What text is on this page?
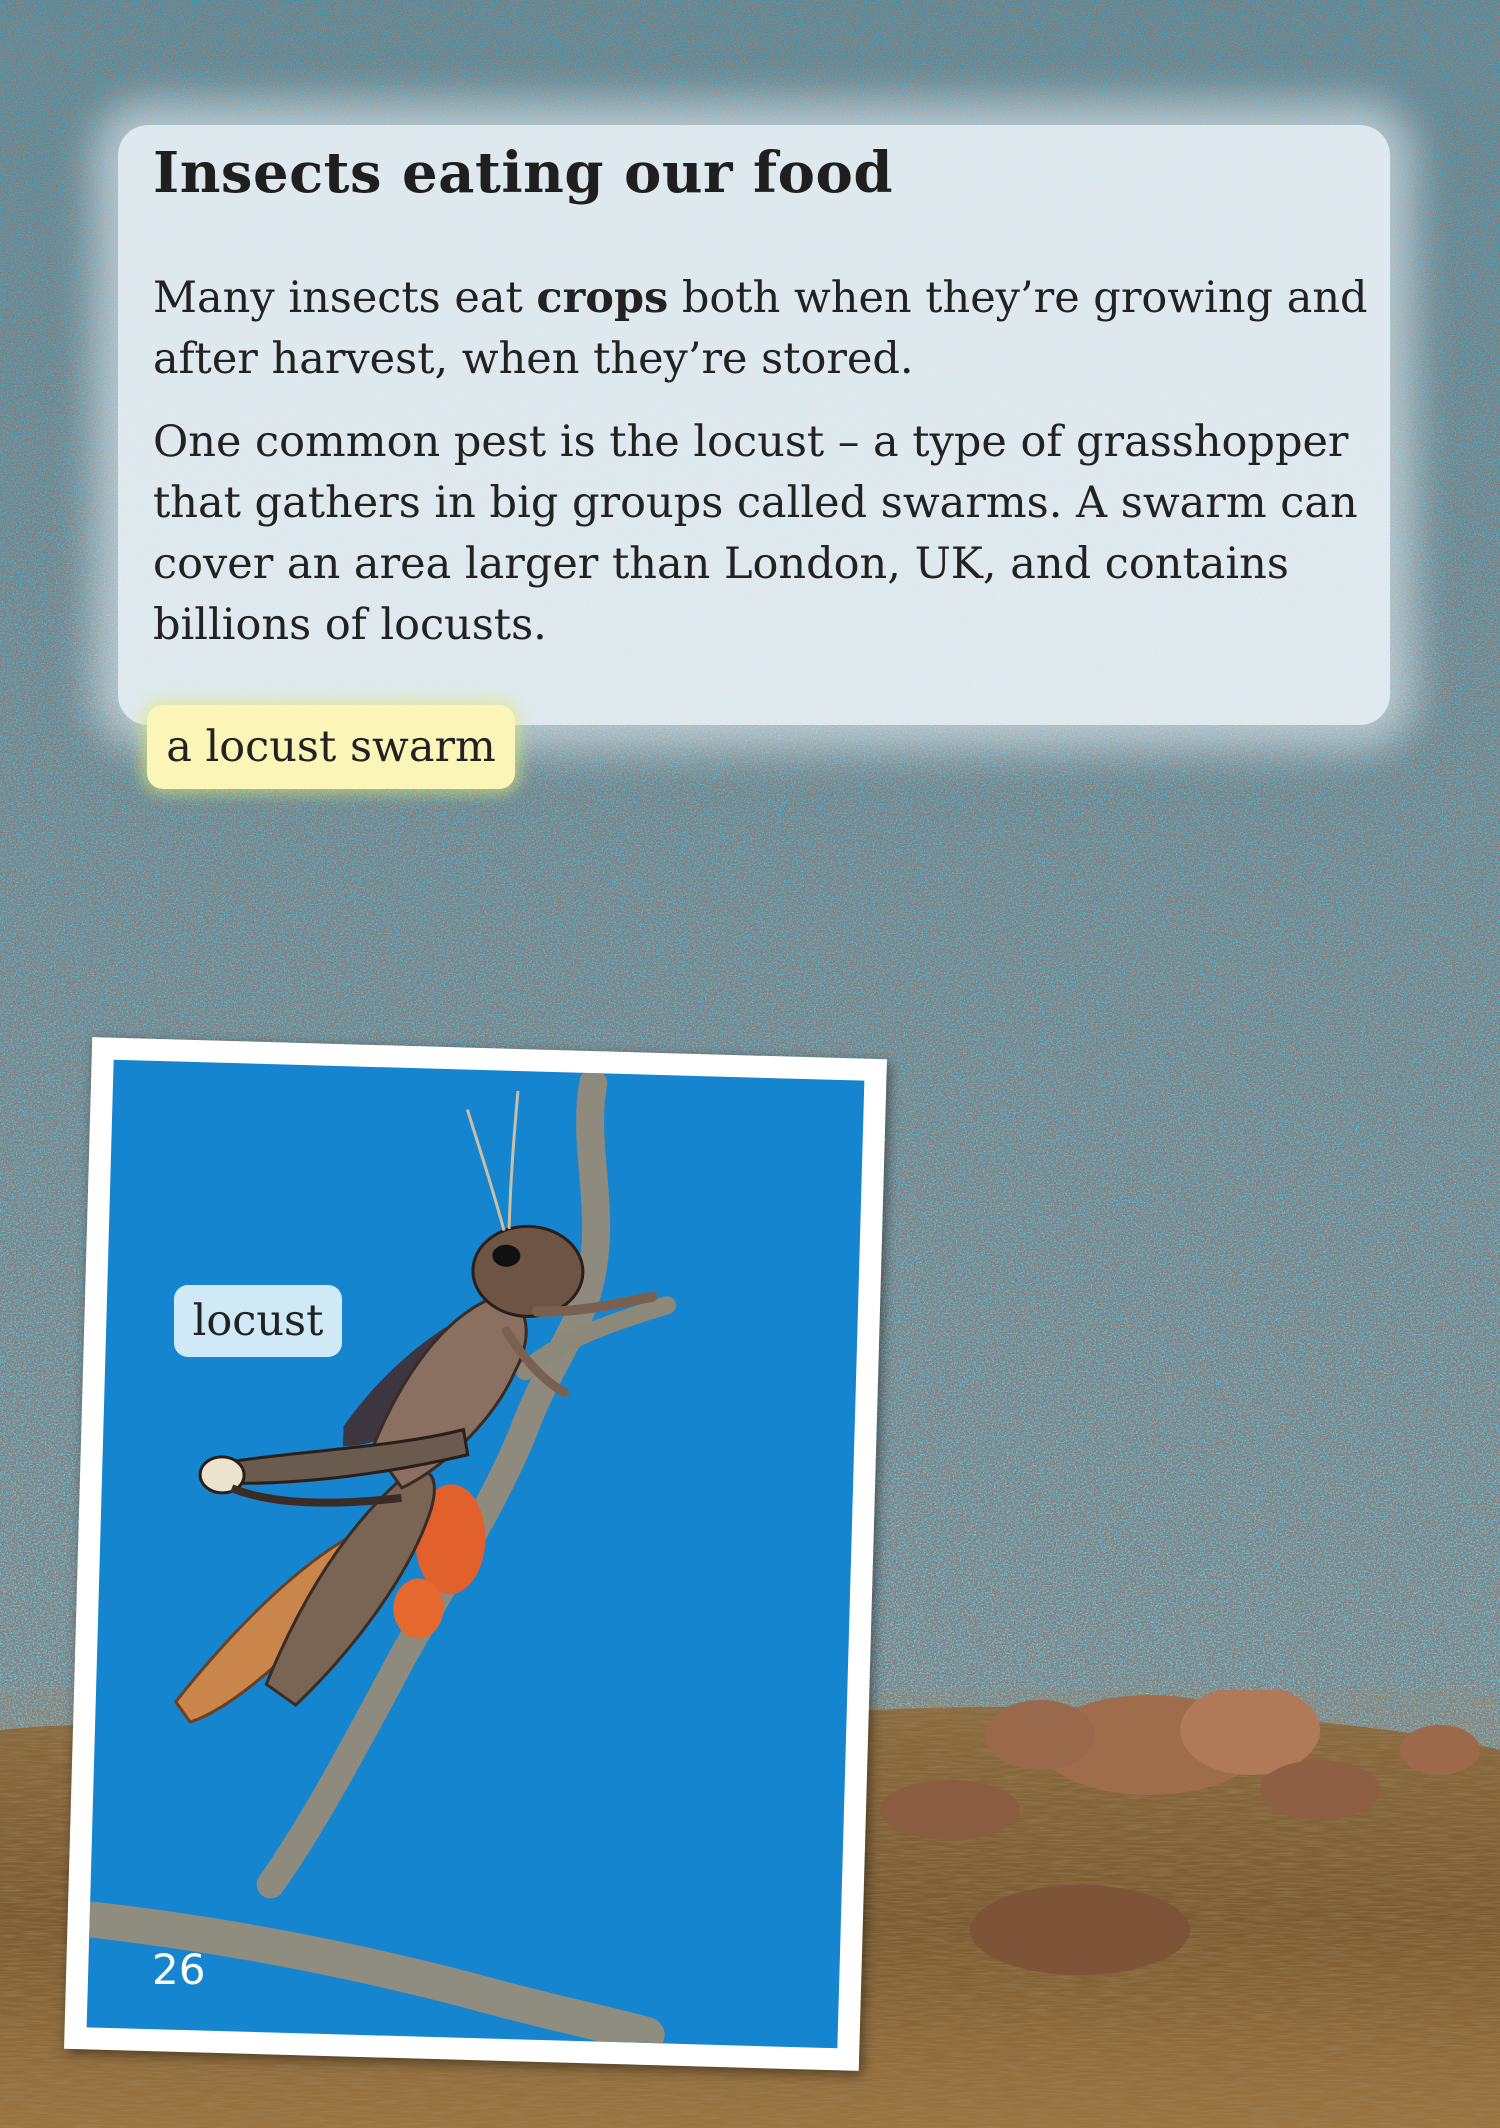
Insects eating our food

Many insects eat crops both when they’re growing and after harvest, when they’re stored.

One common pest is the locust – a type of grasshopper that gathers in big groups called swarms. A swarm can cover an area larger than London, UK, and contains billions of locusts.

a locust swarm
locust
26
